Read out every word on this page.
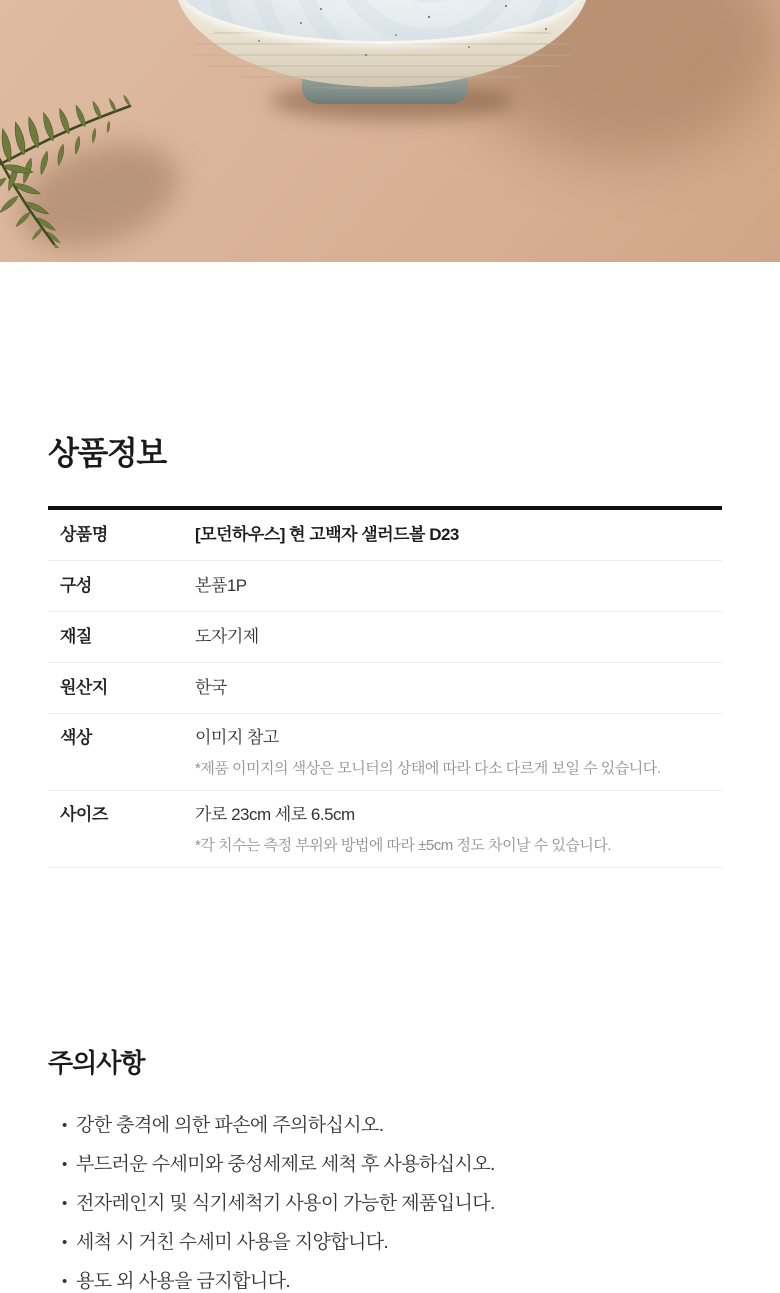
상품정보
상품명	[모던하우스] 현 고백자 샐러드볼 D23
구성	본품1P
재질	도자기제
원산지	한국
색상	이미지 참고
*제품 이미지의 색상은 모니터의 상태에 따라 다소 다르게 보일 수 있습니다.
사이즈	가로 23cm 세로 6.5cm
*각 치수는 측정 부위와 방법에 따라 ±5cm 정도 차이날 수 있습니다.
주의사항
• 강한 충격에 의한 파손에 주의하십시오.
• 부드러운 수세미와 중성세제로 세척 후 사용하십시오.
• 전자레인지 및 식기세척기 사용이 가능한 제품입니다.
• 세척 시 거친 수세미 사용을 지양합니다.
• 용도 외 사용을 금지합니다.
